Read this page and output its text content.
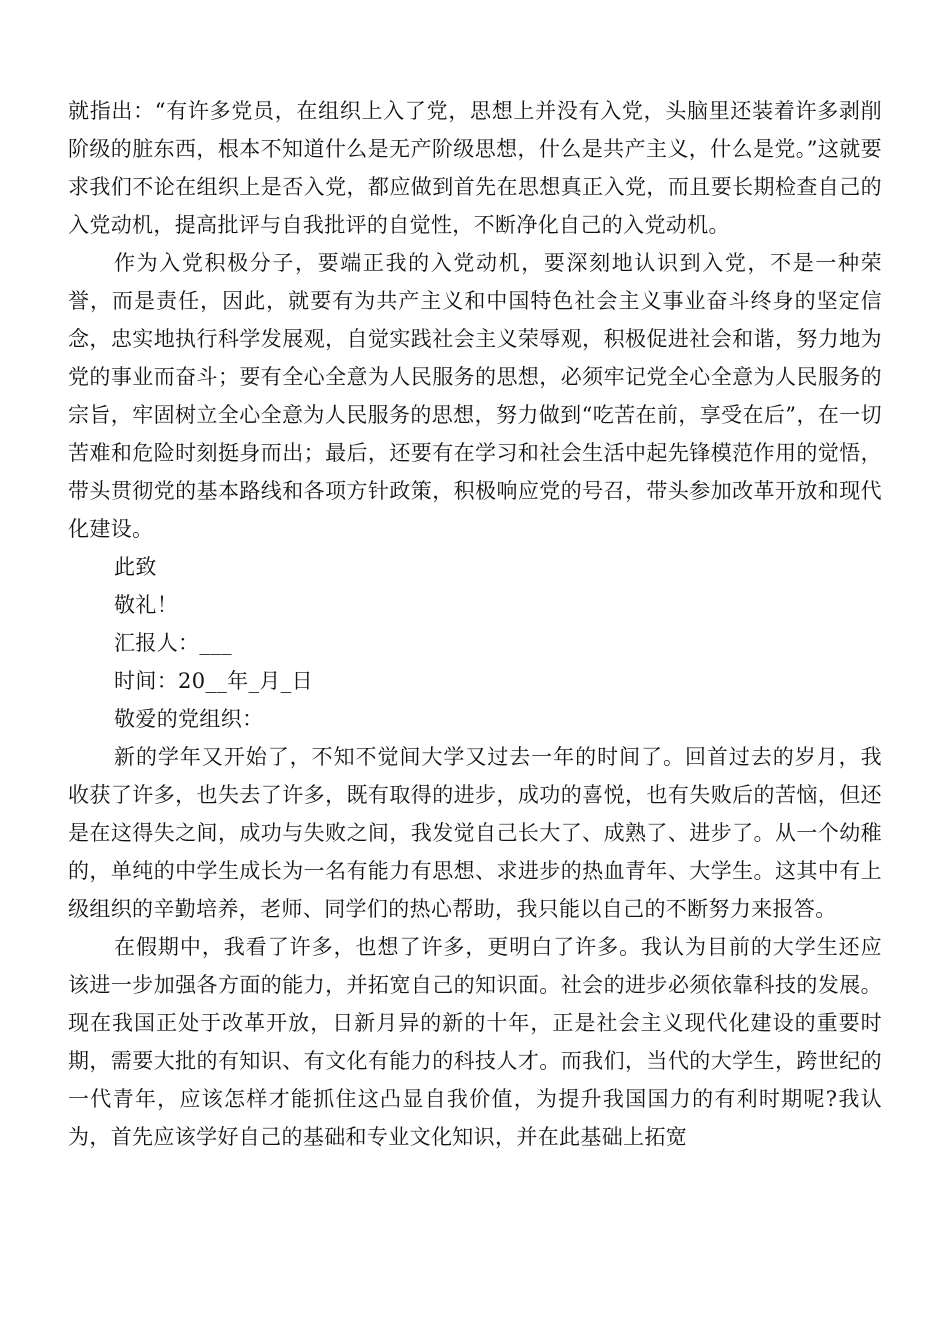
就指出：“有许多党员，在组织上入了党，思想上并没有入党，头脑里还装着许多剥削阶级的脏东西，根本不知道什么是无产阶级思想，什么是共产主义，什么是党。”这就要求我们不论在组织上是否入党，都应做到首先在思想真正入党，而且要长期检查自己的入党动机，提高批评与自我批评的自觉性，不断净化自己的入党动机。

作为入党积极分子，要端正我的入党动机，要深刻地认识到入党，不是一种荣誉，而是责任，因此，就要有为共产主义和中国特色社会主义事业奋斗终身的坚定信念，忠实地执行科学发展观，自觉实践社会主义荣辱观，积极促进社会和谐，努力地为党的事业而奋斗；要有全心全意为人民服务的思想，必须牢记党全心全意为人民服务的宗旨，牢固树立全心全意为人民服务的思想，努力做到“吃苦在前，享受在后”，在一切苦难和危险时刻挺身而出；最后，还要有在学习和社会生活中起先锋模范作用的觉悟，带头贯彻党的基本路线和各项方针政策，积极响应党的号召，带头参加改革开放和现代化建设。

此致

敬礼！

汇报人：___

时间：20__年_月_日

敬爱的党组织：

新的学年又开始了，不知不觉间大学又过去一年的时间了。回首过去的岁月，我收获了许多，也失去了许多，既有取得的进步，成功的喜悦，也有失败后的苦恼，但还是在这得失之间，成功与失败之间，我发觉自己长大了、成熟了、进步了。从一个幼稚的，单纯的中学生成长为一名有能力有思想、求进步的热血青年、大学生。这其中有上级组织的辛勤培养，老师、同学们的热心帮助，我只能以自己的不断努力来报答。

在假期中，我看了许多，也想了许多，更明白了许多。我认为目前的大学生还应该进一步加强各方面的能力，并拓宽自己的知识面。社会的进步必须依靠科技的发展。现在我国正处于改革开放，日新月异的新的十年，正是社会主义现代化建设的重要时期，需要大批的有知识、有文化有能力的科技人才。而我们，当代的大学生，跨世纪的一代青年，应该怎样才能抓住这凸显自我价值，为提升我国国力的有利时期呢?我认为，首先应该学好自己的基础和专业文化知识，并在此基础上拓宽
